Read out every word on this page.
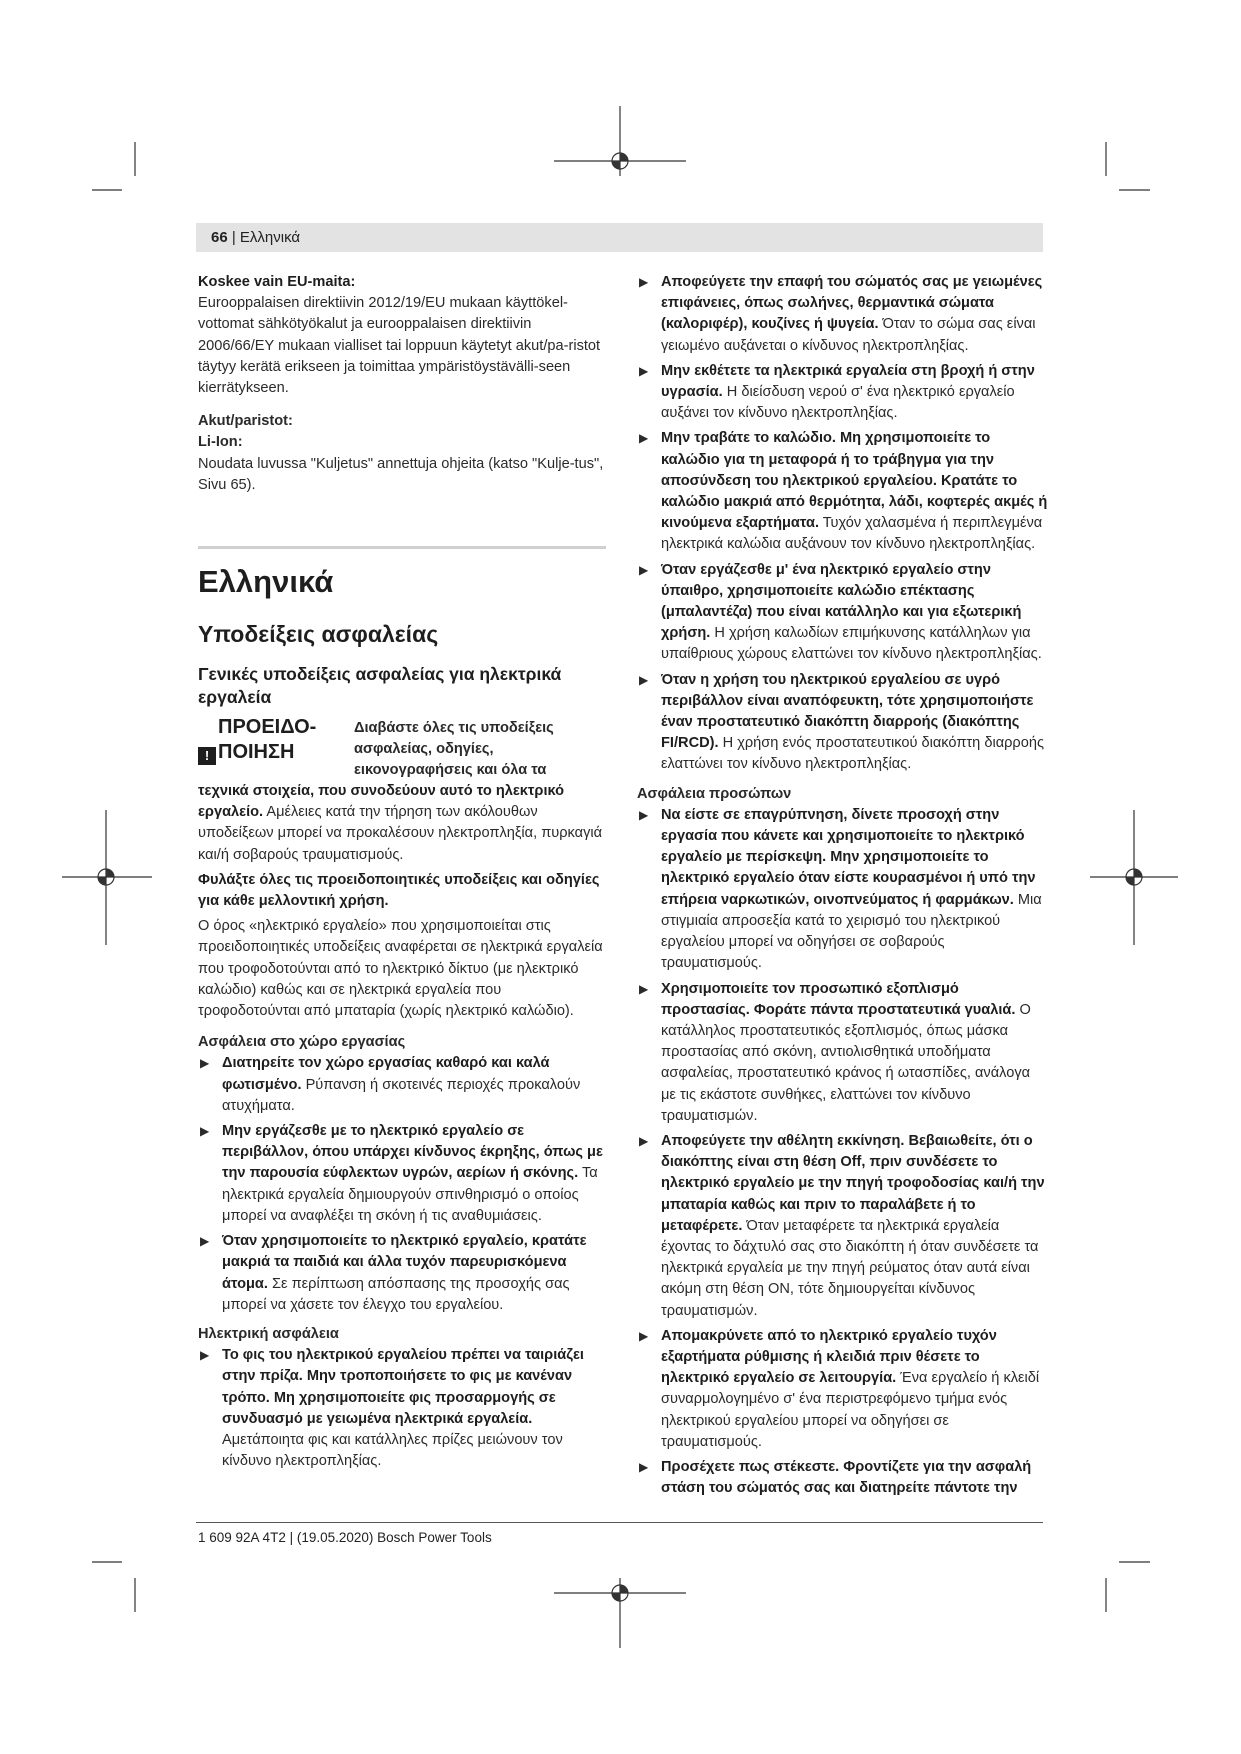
66 | Ελληνικά

Koskee vain EU-maita:

Eurooppalaisen direktiivin 2012/19/EU mukaan käyttökel-vottomat sähkötyökalut ja eurooppalaisen direktiivin 2006/66/EY mukaan vialliset tai loppuun käytetyt akut/pa-ristot täytyy kerätä erikseen ja toimittaa ympäristöystävälli-seen kierrätykseen.

Akut/paristot:

Li-Ion:

Noudata luvussa "Kuljetus" annettuja ohjeita (katso "Kulje-tus", Sivu 65).

Ελληνικά

Υποδείξεις ασφαλείας

Γενικές υποδείξεις ασφαλείας για ηλεκτρικά εργαλεία

!ΠΡΟΕΙΔΟ-ΠΟΙΗΣΗ
Διαβάστε όλες τις υποδείξεις ασφαλείας, οδηγίες, εικονογραφήσεις και όλα τα

τεχνικά στοιχεία, που συνοδεύουν αυτό το ηλεκτρικό εργαλείο. Αμέλειες κατά την τήρηση των ακόλουθων υποδείξεων μπορεί να προκαλέσουν ηλεκτροπληξία, πυρκαγιά και/ή σοβαρούς τραυματισμούς.

Φυλάξτε όλες τις προειδοποιητικές υποδείξεις και οδηγίες για κάθε μελλοντική χρήση.

Ο όρος «ηλεκτρικό εργαλείο» που χρησιμοποιείται στις προειδοποιητικές υποδείξεις αναφέρεται σε ηλεκτρικά εργαλεία που τροφοδοτούνται από το ηλεκτρικό δίκτυο (με ηλεκτρικό καλώδιο) καθώς και σε ηλεκτρικά εργαλεία που τροφοδοτούνται από μπαταρία (χωρίς ηλεκτρικό καλώδιο).

Ασφάλεια στο χώρο εργασίας

▶ Διατηρείτε τον χώρο εργασίας καθαρό και καλά φωτισμένο. Ρύπανση ή σκοτεινές περιοχές προκαλούν ατυχήματα.
▶ Μην εργάζεσθε με το ηλεκτρικό εργαλείο σε περιβάλλον, όπου υπάρχει κίνδυνος έκρηξης, όπως με την παρουσία εύφλεκτων υγρών, αερίων ή σκόνης. Τα ηλεκτρικά εργαλεία δημιουργούν σπινθηρισμό ο οποίος μπορεί να αναφλέξει τη σκόνη ή τις αναθυμιάσεις.
▶ Όταν χρησιμοποιείτε το ηλεκτρικό εργαλείο, κρατάτε μακριά τα παιδιά και άλλα τυχόν παρευρισκόμενα άτομα. Σε περίπτωση απόσπασης της προσοχής σας μπορεί να χάσετε τον έλεγχο του εργαλείου.

Ηλεκτρική ασφάλεια

▶ Το φις του ηλεκτρικού εργαλείου πρέπει να ταιριάζει στην πρίζα. Μην τροποποιήσετε το φις με κανέναν τρόπο. Μη χρησιμοποιείτε φις προσαρμογής σε συνδυασμό με γειωμένα ηλεκτρικά εργαλεία. Αμετάποιητα φις και κατάλληλες πρίζες μειώνουν τον κίνδυνο ηλεκτροπληξίας.
▶ Αποφεύγετε την επαφή του σώματός σας με γειωμένες επιφάνειες, όπως σωλήνες, θερμαντικά σώματα (καλοριφέρ), κουζίνες ή ψυγεία. Όταν το σώμα σας είναι γειωμένο αυξάνεται ο κίνδυνος ηλεκτροπληξίας.
▶ Μην εκθέτετε τα ηλεκτρικά εργαλεία στη βροχή ή στην υγρασία. Η διείσδυση νερού σ' ένα ηλεκτρικό εργαλείο αυξάνει τον κίνδυνο ηλεκτροπληξίας.
▶ Μην τραβάτε το καλώδιο. Μη χρησιμοποιείτε το καλώδιο για τη μεταφορά ή το τράβηγμα για την αποσύνδεση του ηλεκτρικού εργαλείου. Κρατάτε το καλώδιο μακριά από θερμότητα, λάδι, κοφτερές ακμές ή κινούμενα εξαρτήματα. Τυχόν χαλασμένα ή περιπλεγμένα ηλεκτρικά καλώδια αυξάνουν τον κίνδυνο ηλεκτροπληξίας.
▶ Όταν εργάζεσθε μ' ένα ηλεκτρικό εργαλείο στην ύπαιθρο, χρησιμοποιείτε καλώδιο επέκτασης (μπαλαντέζα) που είναι κατάλληλο και για εξωτερική χρήση. Η χρήση καλωδίων επιμήκυνσης κατάλληλων για υπαίθριους χώρους ελαττώνει τον κίνδυνο ηλεκτροπληξίας.
▶ Όταν η χρήση του ηλεκτρικού εργαλείου σε υγρό περιβάλλον είναι αναπόφευκτη, τότε χρησιμοποιήστε έναν προστατευτικό διακόπτη διαρροής (διακόπτης FI/RCD). Η χρήση ενός προστατευτικού διακόπτη διαρροής ελαττώνει τον κίνδυνο ηλεκτροπληξίας.

Ασφάλεια προσώπων

▶ Να είστε σε επαγρύπνηση, δίνετε προσοχή στην εργασία που κάνετε και χρησιμοποιείτε το ηλεκτρικό εργαλείο με περίσκεψη. Μην χρησιμοποιείτε το ηλεκτρικό εργαλείο όταν είστε κουρασμένοι ή υπό την επήρεια ναρκωτικών, οινοπνεύματος ή φαρμάκων. Μια στιγμιαία απροσεξία κατά το χειρισμό του ηλεκτρικού εργαλείου μπορεί να οδηγήσει σε σοβαρούς τραυματισμούς.
▶ Χρησιμοποιείτε τον προσωπικό εξοπλισμό προστασίας. Φοράτε πάντα προστατευτικά γυαλιά. Ο κατάλληλος προστατευτικός εξοπλισμός, όπως μάσκα προστασίας από σκόνη, αντιολισθητικά υποδήματα ασφαλείας, προστατευτικό κράνος ή ωτασπίδες, ανάλογα με τις εκάστοτε συνθήκες, ελαττώνει τον κίνδυνο τραυματισμών.
▶ Αποφεύγετε την αθέλητη εκκίνηση. Βεβαιωθείτε, ότι ο διακόπτης είναι στη θέση Off, πριν συνδέσετε το ηλεκτρικό εργαλείο με την πηγή τροφοδοσίας και/ή την μπαταρία καθώς και πριν το παραλάβετε ή το μεταφέρετε. Όταν μεταφέρετε τα ηλεκτρικά εργαλεία έχοντας το δάχτυλό σας στο διακόπτη ή όταν συνδέσετε τα ηλεκτρικά εργαλεία με την πηγή ρεύματος όταν αυτά είναι ακόμη στη θέση ON, τότε δημιουργείται κίνδυνος τραυματισμών.
▶ Απομακρύνετε από το ηλεκτρικό εργαλείο τυχόν εξαρτήματα ρύθμισης ή κλειδιά πριν θέσετε το ηλεκτρικό εργαλείο σε λειτουργία. Ένα εργαλείο ή κλειδί συναρμολογημένο σ' ένα περιστρεφόμενο τμήμα ενός ηλεκτρικού εργαλείου μπορεί να οδηγήσει σε τραυματισμούς.
▶ Προσέχετε πως στέκεστε. Φροντίζετε για την ασφαλή στάση του σώματός σας και διατηρείτε πάντοτε την
1 609 92A 4T2 | (19.05.2020) Bosch Power Tools
